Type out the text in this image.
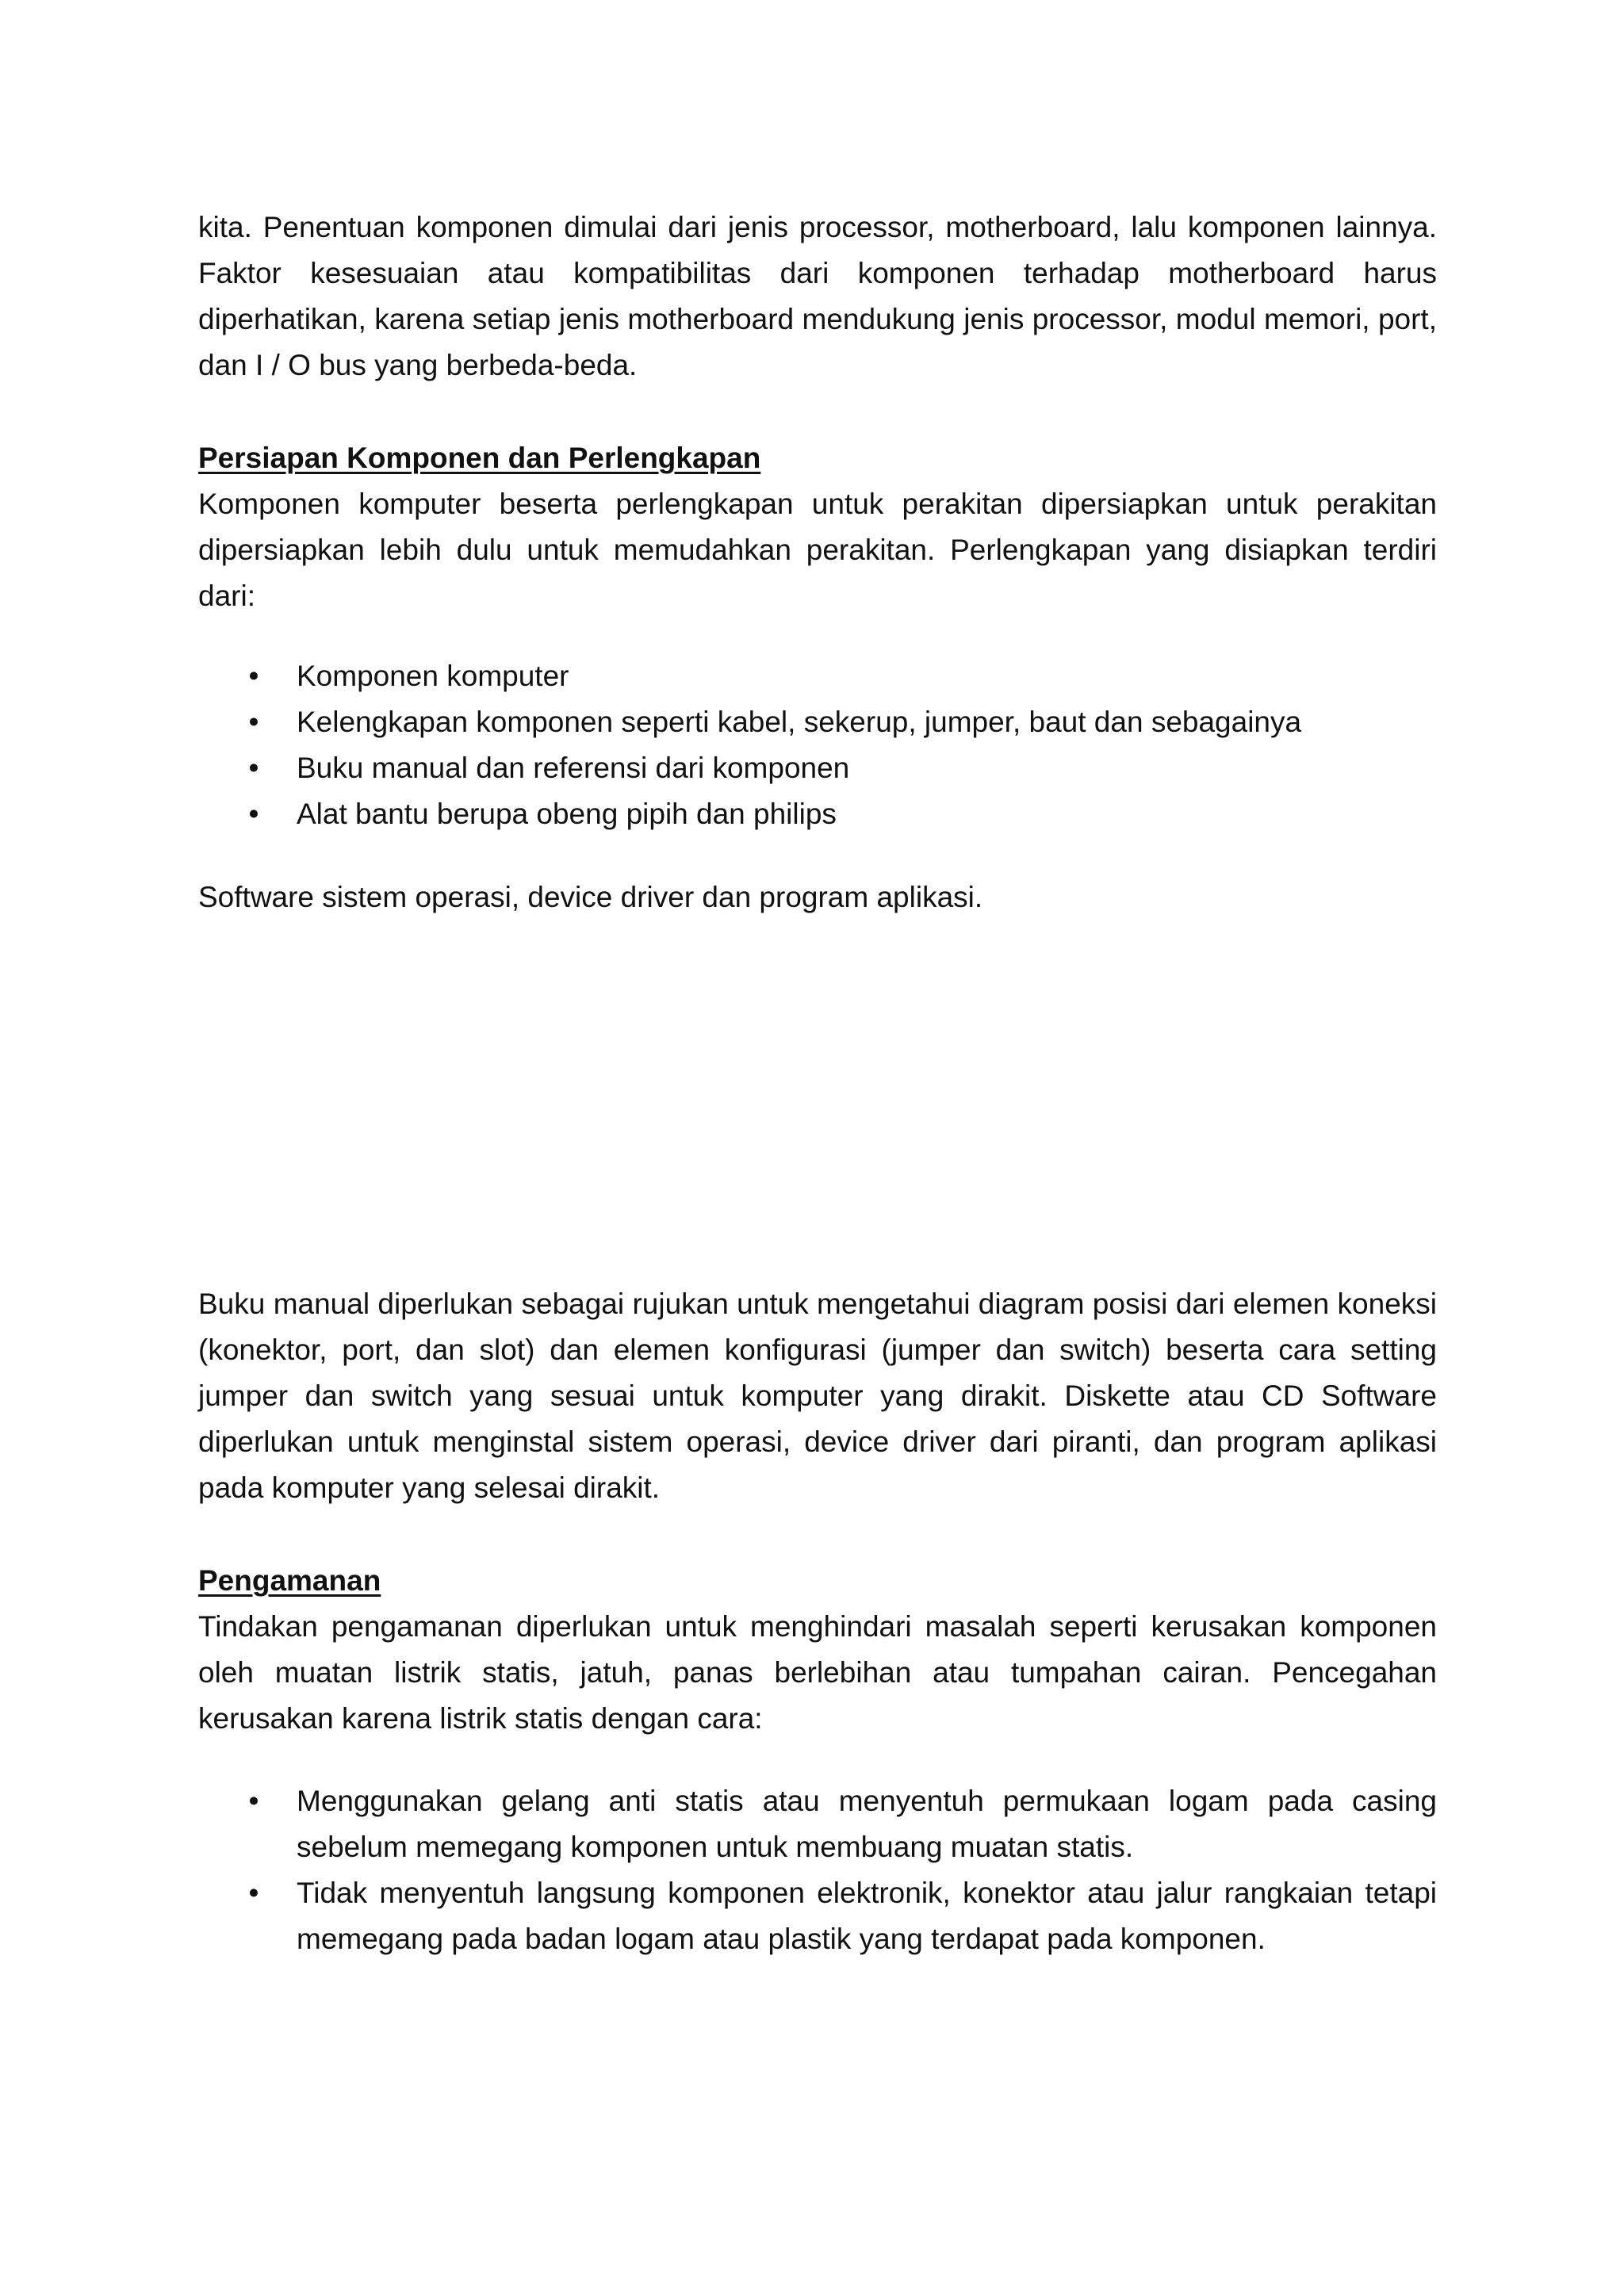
kita. Penentuan komponen dimulai dari jenis processor, motherboard, lalu komponen lainnya. Faktor kesesuaian atau kompatibilitas dari komponen terhadap motherboard harus diperhatikan, karena setiap jenis motherboard mendukung jenis processor, modul memori, port, dan I / O bus yang berbeda-beda.

Persiapan Komponen dan Perlengkapan

Komponen komputer beserta perlengkapan untuk perakitan dipersiapkan untuk perakitan dipersiapkan lebih dulu untuk memudahkan perakitan. Perlengkapan yang disiapkan terdiri dari:

• Komponen komputer
• Kelengkapan komponen seperti kabel, sekerup, jumper, baut dan sebagainya
• Buku manual dan referensi dari komponen
• Alat bantu berupa obeng pipih dan philips

Software sistem operasi, device driver dan program aplikasi.

Buku manual diperlukan sebagai rujukan untuk mengetahui diagram posisi dari elemen koneksi (konektor, port, dan slot) dan elemen konfigurasi (jumper dan switch) beserta cara setting jumper dan switch yang sesuai untuk komputer yang dirakit. Diskette atau CD Software diperlukan untuk menginstal sistem operasi, device driver dari piranti, dan program aplikasi pada komputer yang selesai dirakit.

Pengamanan

Tindakan pengamanan diperlukan untuk menghindari masalah seperti kerusakan komponen oleh muatan listrik statis, jatuh, panas berlebihan atau tumpahan cairan. Pencegahan kerusakan karena listrik statis dengan cara:

• Menggunakan gelang anti statis atau menyentuh permukaan logam pada casing sebelum memegang komponen untuk membuang muatan statis.
• Tidak menyentuh langsung komponen elektronik, konektor atau jalur rangkaian tetapi memegang pada badan logam atau plastik yang terdapat pada komponen.
